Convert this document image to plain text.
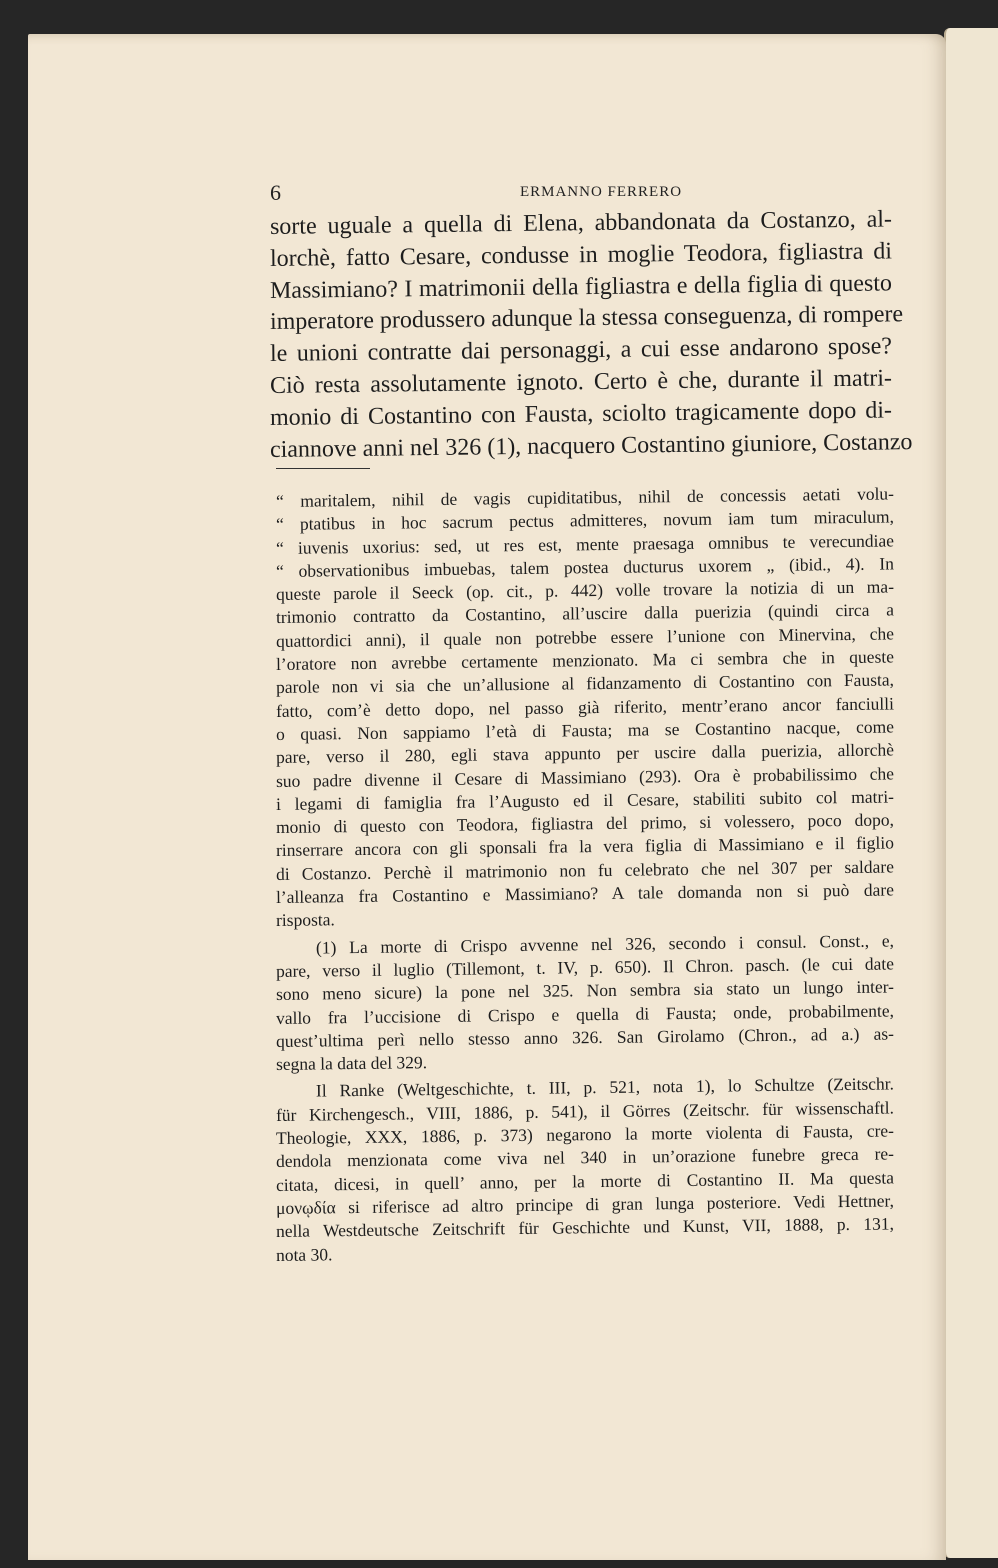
6	ERMANNO FERRERO
sorte uguale a quella di Elena, abbandonata da Costanzo, al-
lorchè, fatto Cesare, condusse in moglie Teodora, figliastra di
Massimiano? I matrimonii della figliastra e della figlia di questo
imperatore produssero adunque la stessa conseguenza, di rompere
le unioni contratte dai personaggi, a cui esse andarono spose?
Ciò resta assolutamente ignoto. Certo è che, durante il matri-
monio di Costantino con Fausta, sciolto tragicamente dopo di-
ciannove anni nel 326 (1), nacquero Costantino giuniore, Costanzo
“ maritalem, nihil de vagis cupiditatibus, nihil de concessis aetati volu-
“ ptatibus in hoc sacrum pectus admitteres, novum iam tum miraculum,
“ iuvenis uxorius: sed, ut res est, mente praesaga omnibus te verecundiae
“ observationibus imbuebas, talem postea ducturus uxorem „ (ibid., 4). In
queste parole il Seeck (op. cit., p. 442) volle trovare la notizia di un ma-
trimonio contratto da Costantino, all’uscire dalla puerizia (quindi circa a
quattordici anni), il quale non potrebbe essere l’unione con Minervina, che
l’oratore non avrebbe certamente menzionato. Ma ci sembra che in queste
parole non vi sia che un’allusione al fidanzamento di Costantino con Fausta,
fatto, com’è detto dopo, nel passo già riferito, mentr’erano ancor fanciulli
o quasi. Non sappiamo l’età di Fausta; ma se Costantino nacque, come
pare, verso il 280, egli stava appunto per uscire dalla puerizia, allorchè
suo padre divenne il Cesare di Massimiano (293). Ora è probabilissimo che
i legami di famiglia fra l’Augusto ed il Cesare, stabiliti subito col matri-
monio di questo con Teodora, figliastra del primo, si volessero, poco dopo,
rinserrare ancora con gli sponsali fra la vera figlia di Massimiano e il figlio
di Costanzo. Perchè il matrimonio non fu celebrato che nel 307 per saldare
l’alleanza fra Costantino e Massimiano? A tale domanda non si può dare
risposta.
(1) La morte di Crispo avvenne nel 326, secondo i consul. Const., e,
pare, verso il luglio (Tillemont, t. IV, p. 650). Il Chron. pasch. (le cui date
sono meno sicure) la pone nel 325. Non sembra sia stato un lungo inter-
vallo fra l’uccisione di Crispo e quella di Fausta; onde, probabilmente,
quest’ultima perì nello stesso anno 326. San Girolamo (Chron., ad a.) as-
segna la data del 329.
Il Ranke (Weltgeschichte, t. III, p. 521, nota 1), lo Schultze (Zeitschr.
für Kirchengesch., VIII, 1886, p. 541), il Görres (Zeitschr. für wissenschaftl.
Theologie, XXX, 1886, p. 373) negarono la morte violenta di Fausta, cre-
dendola menzionata come viva nel 340 in un’orazione funebre greca re-
citata, dicesi, in quell’ anno, per la morte di Costantino II. Ma questa
μονῳδία si riferisce ad altro principe di gran lunga posteriore. Vedi Hettner,
nella Westdeutsche Zeitschrift für Geschichte und Kunst, VII, 1888, p. 131,
nota 30.
